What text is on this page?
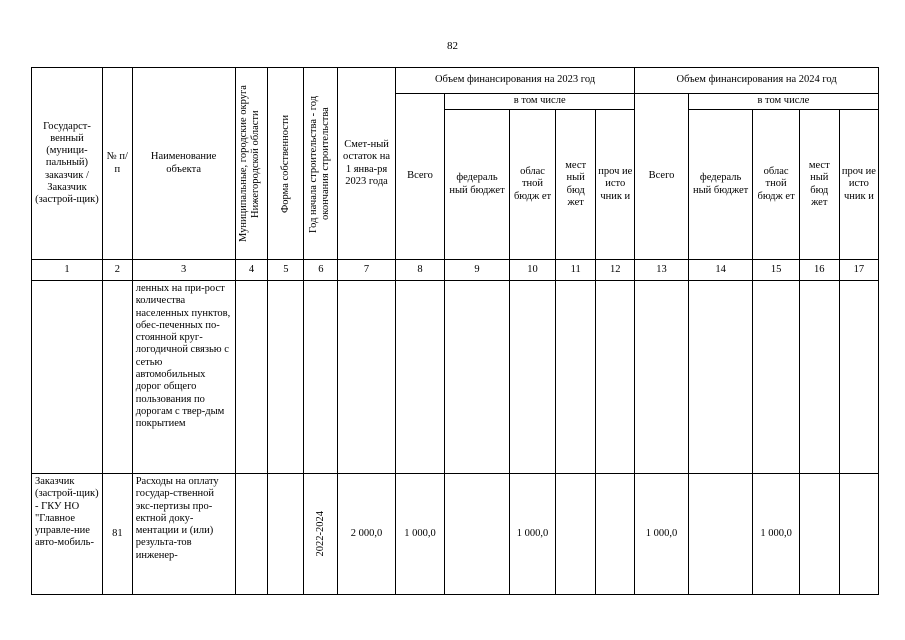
82
Государст-венный (муници-пальный) заказчик / Заказчик (застрой-щик)	№ п/ п	Наименование объекта	Муниципальные, городские округа Нижегородской области	Форма собственности	Год начала строительства - год окончания строительства	Смет-ный остаток на 1 янва-ря 2023 года	Объем финансирования на 2023 год					Объем финансирования на 2024 год				
							Всего	в том числе				Всего	в том числе			
								федераль ный бюджет	облас тной бюдж ет	мест ный бюд жет	проч ие исто чник и		федераль ный бюджет	облас тной бюдж ет	мест ный бюд жет	проч ие исто чник и
1	2	3	4	5	6	7	8	9	10	11	12	13	14	15	16	17
		ленных на при-рост количества населенных пунктов, обес-печенных по-стоянной круг-логодичной связью с сетью автомобильных дорог общего пользования по дорогам с твер-дым покрытием														
Заказчик (застрой-щик) - ГКУ НО "Главное управле-ние авто-мобиль-	81	Расходы на оплату государ-ственной экс-пертизы про-ектной доку-ментации и (или) результа-тов инженер-			2022-2024	2 000,0	1 000,0		1 000,0			1 000,0		1 000,0		
